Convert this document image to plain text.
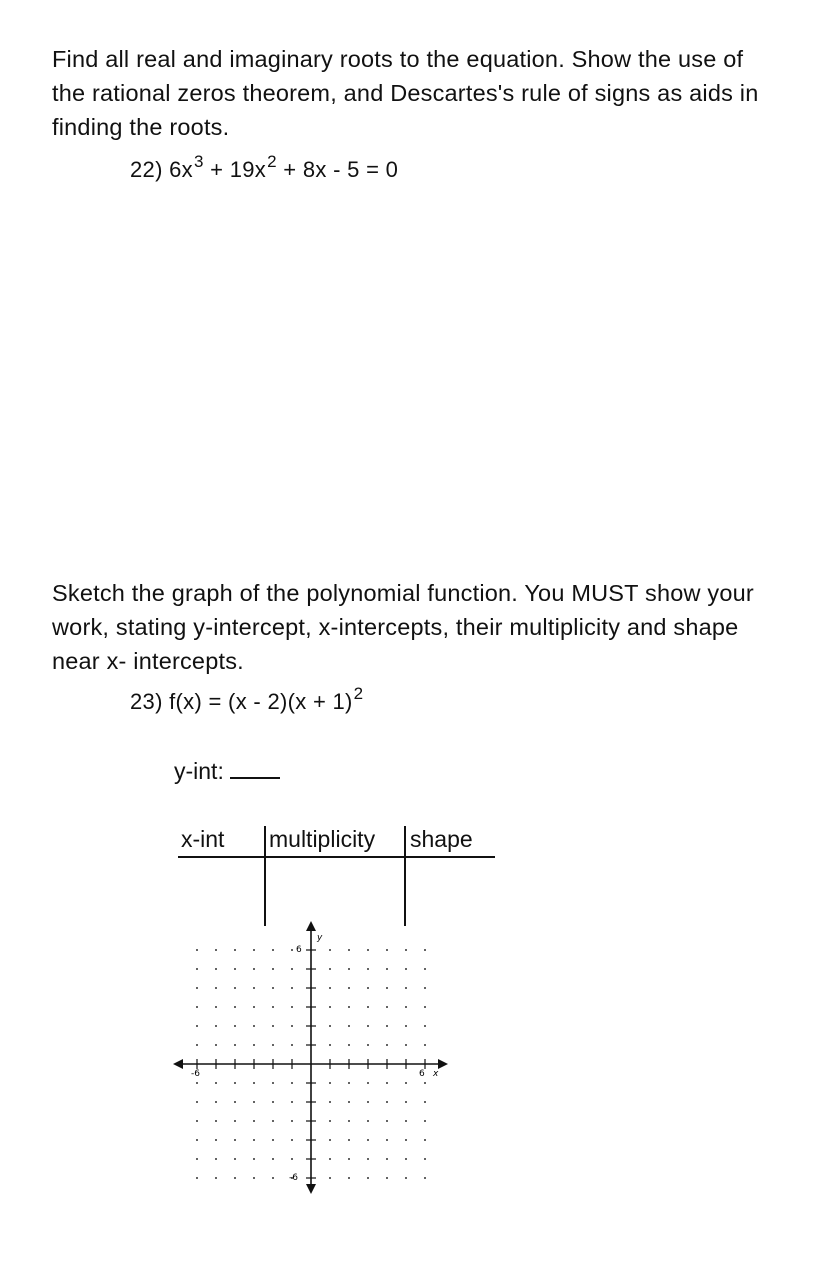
Find all real and imaginary roots to the equation. Show the use of the rational zeros theorem, and Descartes's rule of signs as aids in finding the roots.
22) $6x^3 + 19x^2 + 8x - 5 = 0$
Sketch the graph of the polynomial function. You MUST show your work, stating y-intercept, x-intercepts, their multiplicity and shape near x- intercepts.
23) $f(x) = (x - 2)(x + 1)^2$
y-int:
x-int multiplicity shape
-6	6 x
6
-6
y
